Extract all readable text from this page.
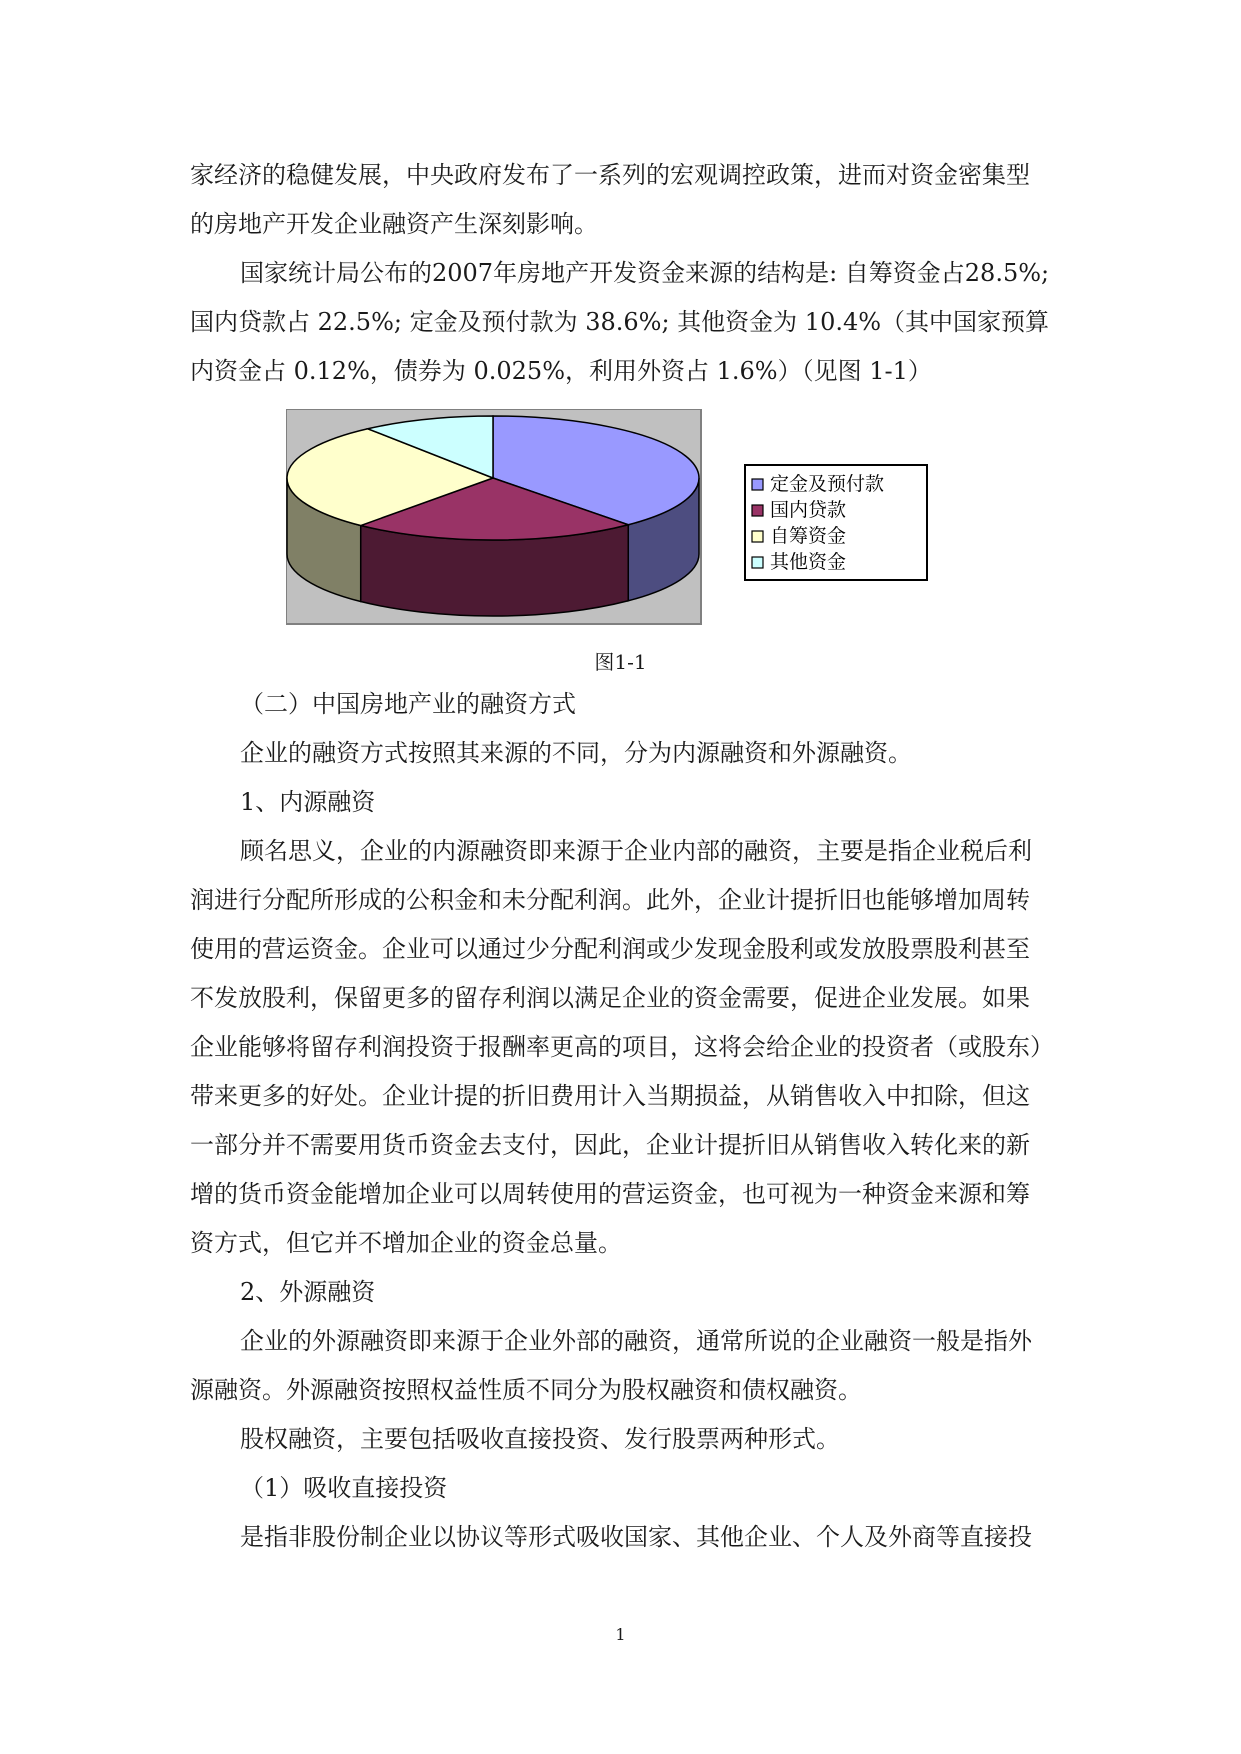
家经济的稳健发展，中央政府发布了一系列的宏观调控政策，进而对资金密集型
的房地产开发企业融资产生深刻影响。
国家统计局公布的2007年房地产开发资金来源的结构是: 自筹资金占28.5%;
国内贷款占 22.5%; 定金及预付款为 38.6%; 其他资金为 10.4%（其中国家预算
内资金占 0.12%，债券为 0.025%，利用外资占 1.6%）（见图 1-1）
定金及预付款
国内贷款
自筹资金
其他资金
图1-1
（二）中国房地产业的融资方式
企业的融资方式按照其来源的不同，分为内源融资和外源融资。
1、内源融资
顾名思义，企业的内源融资即来源于企业内部的融资，主要是指企业税后利
润进行分配所形成的公积金和未分配利润。此外，企业计提折旧也能够增加周转
使用的营运资金。企业可以通过少分配利润或少发现金股利或发放股票股利甚至
不发放股利，保留更多的留存利润以满足企业的资金需要，促进企业发展。如果
企业能够将留存利润投资于报酬率更高的项目，这将会给企业的投资者（或股东）
带来更多的好处。企业计提的折旧费用计入当期损益，从销售收入中扣除，但这
一部分并不需要用货币资金去支付，因此，企业计提折旧从销售收入转化来的新
增的货币资金能增加企业可以周转使用的营运资金，也可视为一种资金来源和筹
资方式，但它并不增加企业的资金总量。
2、外源融资
企业的外源融资即来源于企业外部的融资，通常所说的企业融资一般是指外
源融资。外源融资按照权益性质不同分为股权融资和债权融资。
股权融资，主要包括吸收直接投资、发行股票两种形式。
（1）吸收直接投资
是指非股份制企业以协议等形式吸收国家、其他企业、个人及外商等直接投
1
